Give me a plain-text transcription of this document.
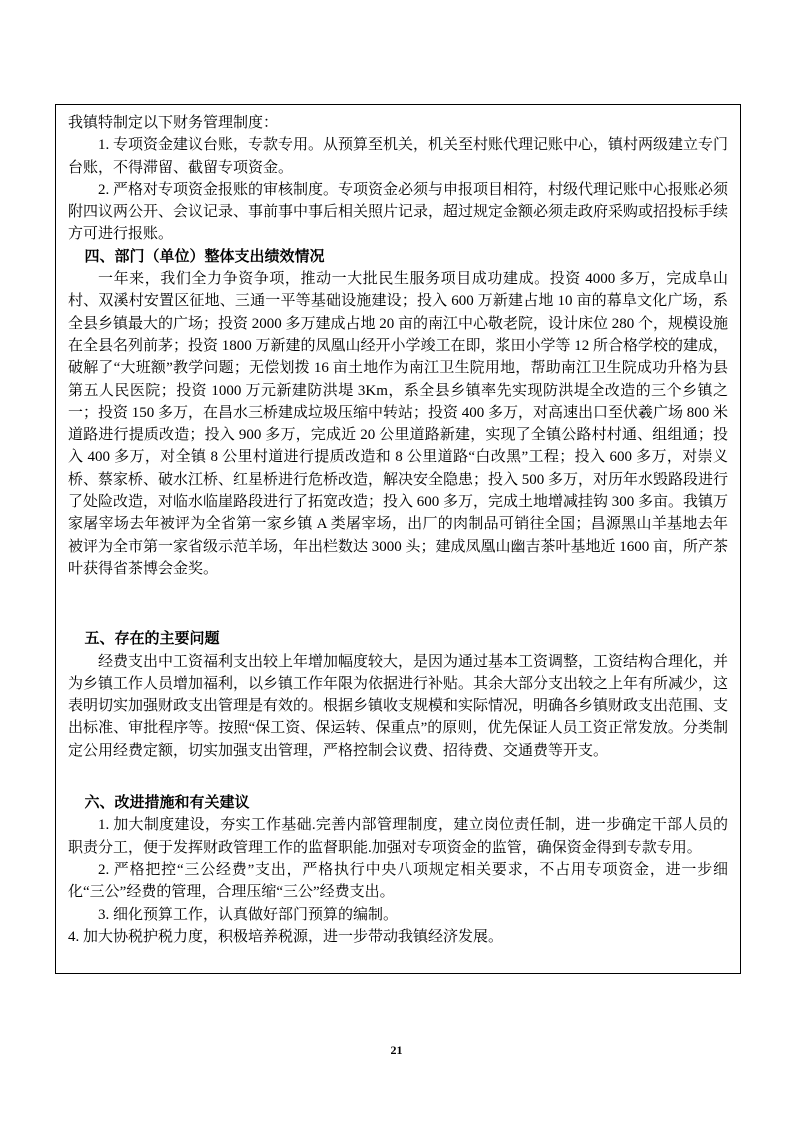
我镇特制定以下财务管理制度：

1. 专项资金建议台账，专款专用。从预算至机关，机关至村账代理记账中心，镇村两级建立专门台账，不得滞留、截留专项资金。

2. 严格对专项资金报账的审核制度。专项资金必须与申报项目相符，村级代理记账中心报账必须附四议两公开、会议记录、事前事中事后相关照片记录，超过规定金额必须走政府采购或招投标手续方可进行报账。

四、部门（单位）整体支出绩效情况

一年来，我们全力争资争项，推动一大批民生服务项目成功建成。投资 4000 多万，完成阜山村、双溪村安置区征地、三通一平等基础设施建设；投入 600 万新建占地 10 亩的幕阜文化广场，系全县乡镇最大的广场；投资 2000 多万建成占地 20 亩的南江中心敬老院，设计床位 280 个，规模设施在全县名列前茅；投资 1800 万新建的凤凰山经开小学竣工在即，浆田小学等 12 所合格学校的建成，破解了“大班额”教学问题；无偿划拨 16 亩土地作为南江卫生院用地，帮助南江卫生院成功升格为县第五人民医院；投资 1000 万元新建防洪堤 3Km，系全县乡镇率先实现防洪堤全改造的三个乡镇之一；投资 150 多万，在昌水三桥建成垃圾压缩中转站；投资 400 多万，对高速出口至伏羲广场 800 米道路进行提质改造；投入 900 多万，完成近 20 公里道路新建，实现了全镇公路村村通、组组通；投入 400 多万，对全镇 8 公里村道进行提质改造和 8 公里道路“白改黑”工程；投入 600 多万，对崇义桥、蔡家桥、破水江桥、红星桥进行危桥改造，解决安全隐患；投入 500 多万，对历年水毁路段进行了处险改造，对临水临崖路段进行了拓宽改造；投入 600 多万，完成土地增减挂钩 300 多亩。我镇万家屠宰场去年被评为全省第一家乡镇 A 类屠宰场，出厂的肉制品可销往全国；昌源黑山羊基地去年被评为全市第一家省级示范羊场，年出栏数达 3000 头；建成凤凰山幽吉茶叶基地近 1600 亩，所产茶叶获得省茶博会金奖。

五、存在的主要问题

经费支出中工资福利支出较上年增加幅度较大，是因为通过基本工资调整，工资结构合理化，并为乡镇工作人员增加福利，以乡镇工作年限为依据进行补贴。其余大部分支出较之上年有所减少，这表明切实加强财政支出管理是有效的。根据乡镇收支规模和实际情况，明确各乡镇财政支出范围、支出标准、审批程序等。按照“保工资、保运转、保重点”的原则，优先保证人员工资正常发放。分类制定公用经费定额，切实加强支出管理，严格控制会议费、招待费、交通费等开支。

六、改进措施和有关建议

1. 加大制度建设，夯实工作基础.完善内部管理制度，建立岗位责任制，进一步确定干部人员的职责分工，便于发挥财政管理工作的监督职能.加强对专项资金的监管，确保资金得到专款专用。

2. 严格把控“三公经费”支出，严格执行中央八项规定相关要求，不占用专项资金，进一步细化“三公”经费的管理，合理压缩“三公”经费支出。

3. 细化预算工作，认真做好部门预算的编制。

4. 加大协税护税力度，积极培养税源，进一步带动我镇经济发展。

21
